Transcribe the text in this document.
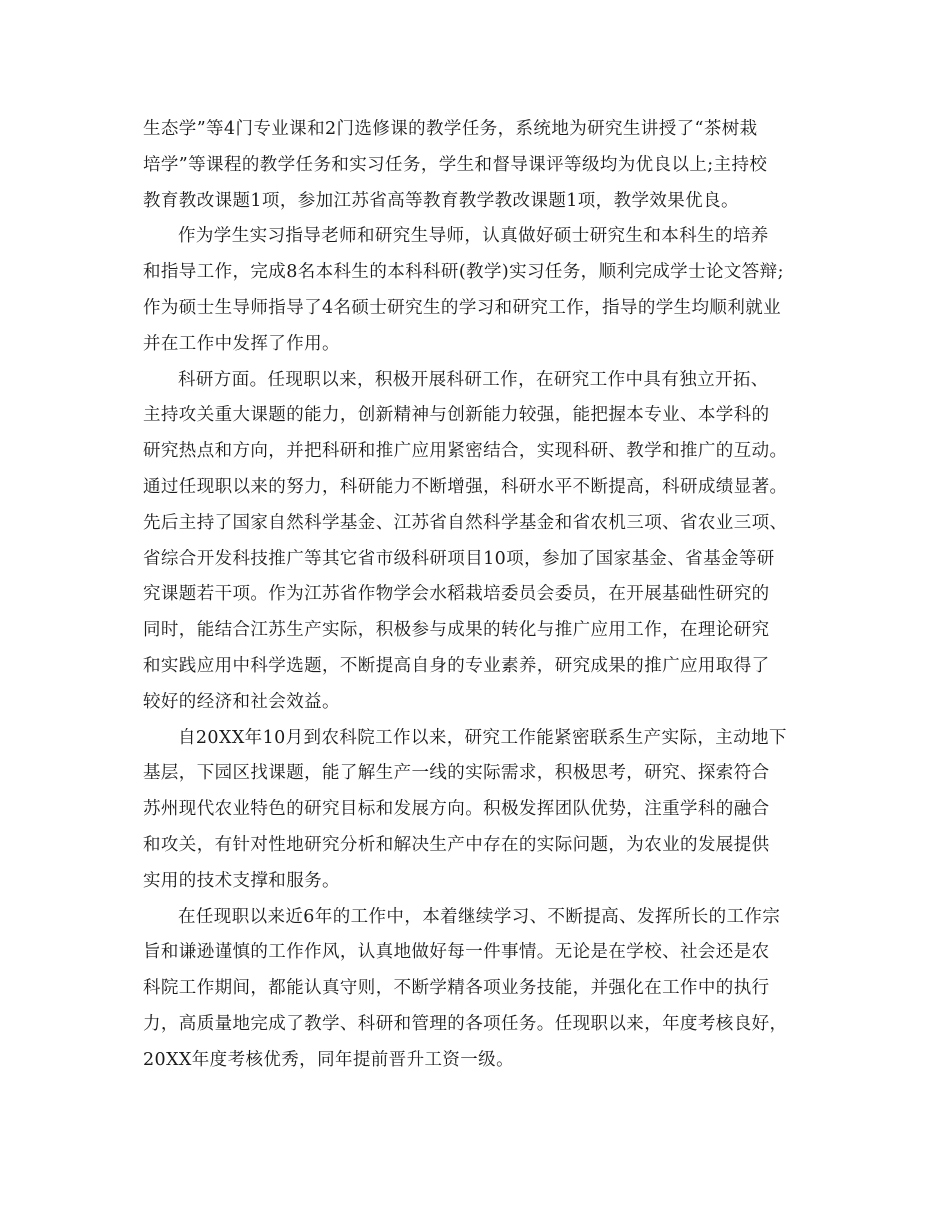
生态学”等4门专业课和2门选修课的教学任务，系统地为研究生讲授了“茶树栽
培学”等课程的教学任务和实习任务，学生和督导课评等级均为优良以上;主持校
教育教改课题1项，参加江苏省高等教育教学教改课题1项，教学效果优良。
作为学生实习指导老师和研究生导师，认真做好硕士研究生和本科生的培养
和指导工作，完成8名本科生的本科科研(教学)实习任务，顺利完成学士论文答辩;
作为硕士生导师指导了4名硕士研究生的学习和研究工作，指导的学生均顺利就业
并在工作中发挥了作用。
科研方面。任现职以来，积极开展科研工作，在研究工作中具有独立开拓、
主持攻关重大课题的能力，创新精神与创新能力较强，能把握本专业、本学科的
研究热点和方向，并把科研和推广应用紧密结合，实现科研、教学和推广的互动。
通过任现职以来的努力，科研能力不断增强，科研水平不断提高，科研成绩显著。
先后主持了国家自然科学基金、江苏省自然科学基金和省农机三项、省农业三项、
省综合开发科技推广等其它省市级科研项目10项，参加了国家基金、省基金等研
究课题若干项。作为江苏省作物学会水稻栽培委员会委员，在开展基础性研究的
同时，能结合江苏生产实际，积极参与成果的转化与推广应用工作，在理论研究
和实践应用中科学选题，不断提高自身的专业素养，研究成果的推广应用取得了
较好的经济和社会效益。
自20XX年10月到农科院工作以来，研究工作能紧密联系生产实际，主动地下
基层，下园区找课题，能了解生产一线的实际需求，积极思考，研究、探索符合
苏州现代农业特色的研究目标和发展方向。积极发挥团队优势，注重学科的融合
和攻关，有针对性地研究分析和解决生产中存在的实际问题，为农业的发展提供
实用的技术支撑和服务。
在任现职以来近6年的工作中，本着继续学习、不断提高、发挥所长的工作宗
旨和谦逊谨慎的工作作风，认真地做好每一件事情。无论是在学校、社会还是农
科院工作期间，都能认真守则，不断学精各项业务技能，并强化在工作中的执行
力，高质量地完成了教学、科研和管理的各项任务。任现职以来，年度考核良好，
20XX年度考核优秀，同年提前晋升工资一级。
